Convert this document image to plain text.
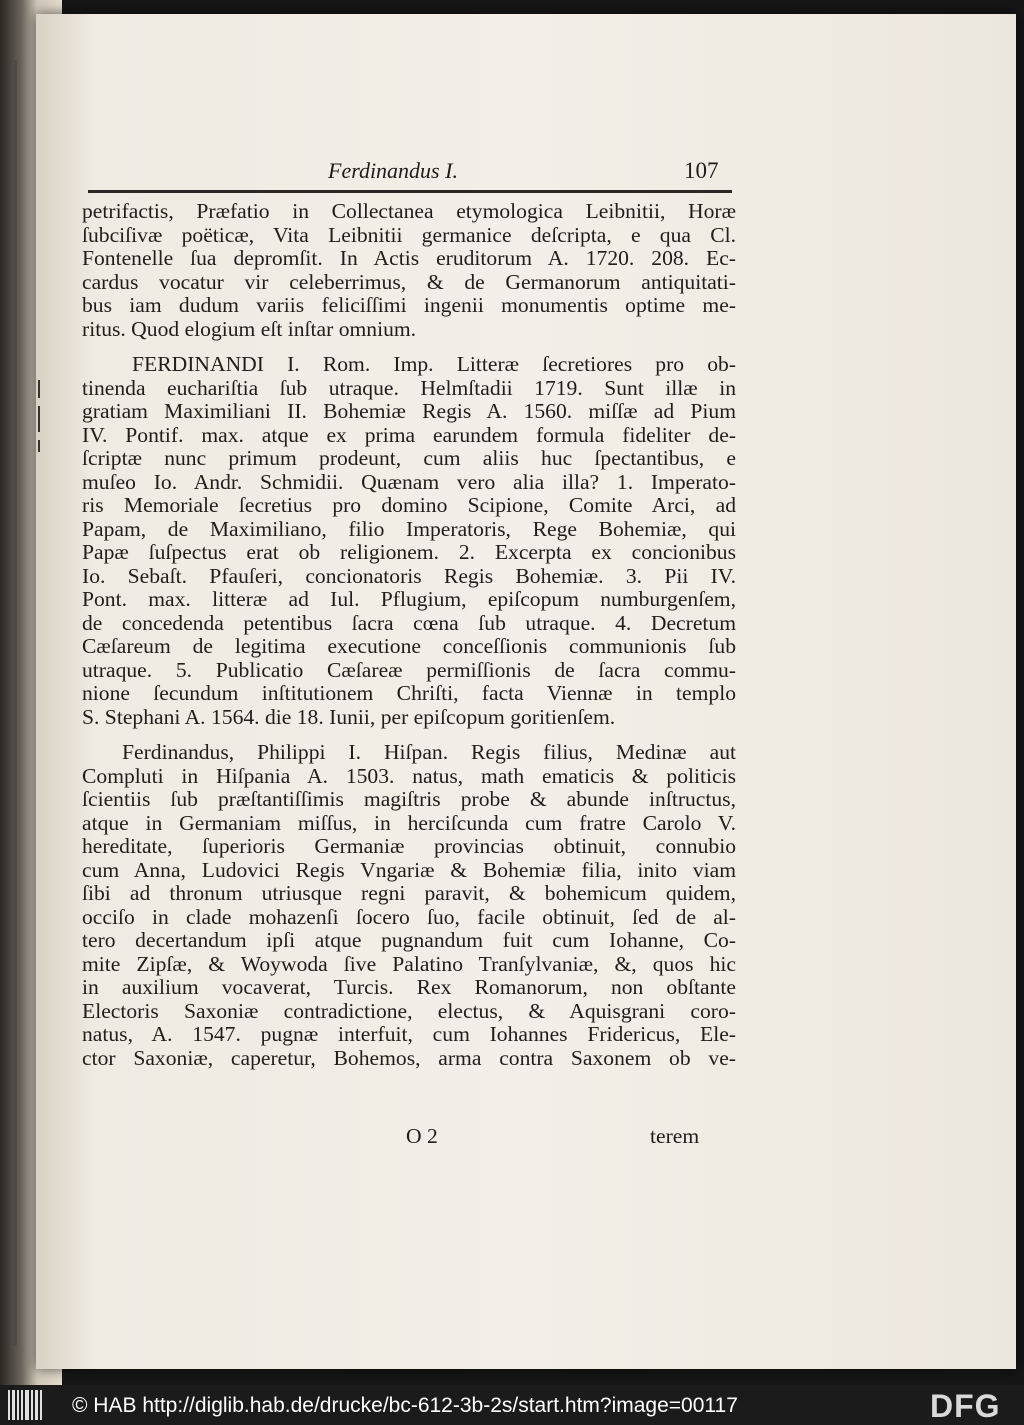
Ferdinandus I.	107
petrifactis, Præfatio in Collectanea etymologica Leibnitii, Horæ
ſubciſivæ poëticæ, Vita Leibnitii germanice deſcripta, e qua Cl.
Fontenelle ſua depromſit. In Actis eruditorum A. 1720. 208. Ec-
cardus vocatur vir celeberrimus, & de Germanorum antiquitati-
bus iam dudum variis feliciſſimi ingenii monumentis optime me-
ritus. Quod elogium eſt inſtar omnium.
FERDINANDI I. Rom. Imp. Litteræ ſecretiores pro ob-
tinenda euchariſtia ſub utraque. Helmſtadii 1719. Sunt illæ in
gratiam Maximiliani II. Bohemiæ Regis A. 1560. miſſæ ad Pium
IV. Pontif. max. atque ex prima earundem formula fideliter de-
ſcriptæ nunc primum prodeunt, cum aliis huc ſpectantibus, e
muſeo Io. Andr. Schmidii. Quænam vero alia illa? 1. Imperato-
ris Memoriale ſecretius pro domino Scipione, Comite Arci, ad
Papam, de Maximiliano, filio Imperatoris, Rege Bohemiæ, qui
Papæ ſuſpectus erat ob religionem. 2. Excerpta ex concionibus
Io. Sebaſt. Pfauſeri, concionatoris Regis Bohemiæ. 3. Pii IV.
Pont. max. litteræ ad Iul. Pflugium, epiſcopum numburgenſem,
de concedenda petentibus ſacra cœna ſub utraque. 4. Decretum
Cæſareum de legitima executione conceſſionis communionis ſub
utraque. 5. Publicatio Cæſareæ permiſſionis de ſacra commu-
nione ſecundum inſtitutionem Chriſti, facta Viennæ in templo
S. Stephani A. 1564. die 18. Iunii, per epiſcopum goritienſem.
Ferdinandus, Philippi I. Hiſpan. Regis filius, Medinæ aut
Compluti in Hiſpania A. 1503. natus, math ematicis & politicis
ſcientiis ſub præſtantiſſimis magiſtris probe & abunde inſtructus,
atque in Germaniam miſſus, in herciſcunda cum fratre Carolo V.
hereditate, ſuperioris Germaniæ provincias obtinuit, connubio
cum Anna, Ludovici Regis Vngariæ & Bohemiæ filia, inito viam
ſibi ad thronum utriusque regni paravit, & bohemicum quidem,
occiſo in clade mohazenſi ſocero ſuo, facile obtinuit, ſed de al-
tero decertandum ipſi atque pugnandum fuit cum Iohanne, Co-
mite Zipſæ, & Woywoda ſive Palatino Tranſylvaniæ, &, quos hic
in auxilium vocaverat, Turcis. Rex Romanorum, non obſtante
Electoris Saxoniæ contradictione, electus, & Aquisgrani coro-
natus, A. 1547. pugnæ interfuit, cum Iohannes Fridericus, Ele-
ctor Saxoniæ, caperetur, Bohemos, arma contra Saxonem ob ve-
O 2	terem
© HAB http://diglib.hab.de/drucke/bc-612-3b-2s/start.htm?image=00117	DFG
